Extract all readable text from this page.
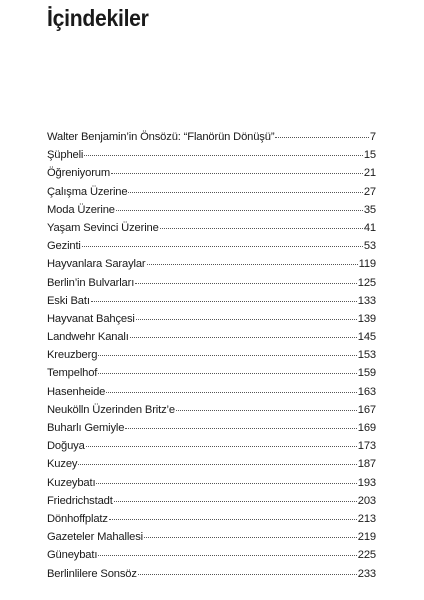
İçindekiler
Walter Benjamin’in Önsözü: “Flanörün Dönüşü”	7
Şüpheli	15
Öğreniyorum	21
Çalışma Üzerine	27
Moda Üzerine	35
Yaşam Sevinci Üzerine	41
Gezinti	53
Hayvanlara Saraylar	119
Berlin’in Bulvarları	125
Eski Batı	133
Hayvanat Bahçesi	139
Landwehr Kanalı	145
Kreuzberg	153
Tempelhof	159
Hasenheide	163
Neukölln Üzerinden Britz’e	167
Buharlı Gemiyle	169
Doğuya	173
Kuzey	187
Kuzeybatı	193
Friedrichstadt	203
Dönhoffplatz	213
Gazeteler Mahallesi	219
Güneybatı	225
Berlinlilere Sonsöz	233
